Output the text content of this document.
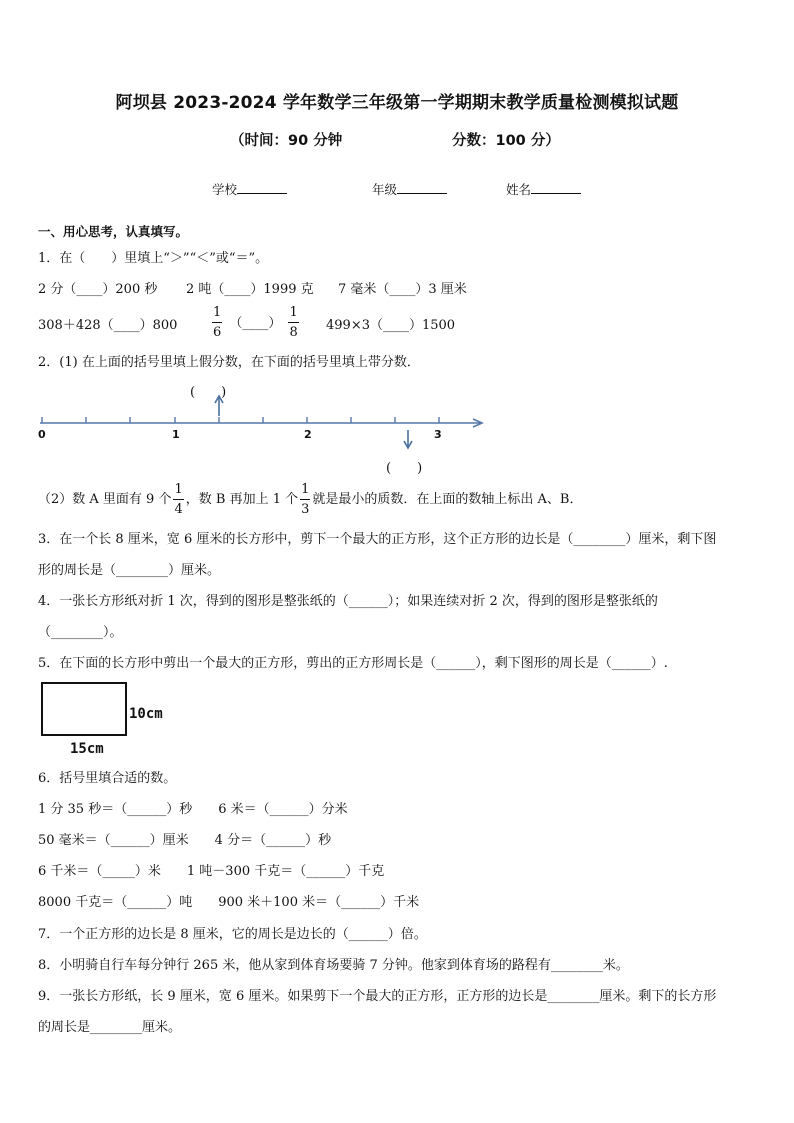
阿坝县 2023-2024 学年数学三年级第一学期期末教学质量检测模拟试题
（时间：90 分钟	分数：100 分）
学校	年级	姓名
一、用心思考，认真填写。
1．在（　　）里填上“＞”“＜”或“＝”。
2 分（____）200 秒 2 吨（____）1999 克 7 毫米（____）3 厘米
308＋428（____）800	$\frac{1}{6}$ （____） $\frac{1}{8}$ 499×3（____）1500
2．(1) 在上面的括号里填上假分数，在下面的括号里填上带分数．
(　　)
0	1	2	3
(　　)
（2）数 A 里面有 9 个 $\frac{1}{4}$ ，数 B 再加上 1 个 $\frac{1}{3}$ 就是最小的质数．在上面的数轴上标出 A、B．
3．在一个长 8 厘米，宽 6 厘米的长方形中，剪下一个最大的正方形，这个正方形的边长是（________）厘米，剩下图
形的周长是（________）厘米。
4．一张长方形纸对折 1 次，得到的图形是整张纸的（______）；如果连续对折 2 次，得到的图形是整张纸的
（________）。
5．在下面的长方形中剪出一个最大的正方形，剪出的正方形周长是（______），剩下图形的周长是（______）.
10cm
15cm
6．括号里填合适的数。
1 分 35 秒＝（______）秒　　6 米＝（______）分米
50 毫米＝（______）厘米　　4 分＝（______）秒
6 千米＝（_____）米　　1 吨－300 千克＝（______）千克
8000 千克＝（______）吨　　900 米＋100 米＝（______）千米
7．一个正方形的边长是 8 厘米，它的周长是边长的（______）倍。
8．小明骑自行车每分钟行 265 米，他从家到体育场要骑 7 分钟。他家到体育场的路程有________米。
9．一张长方形纸，长 9 厘米，宽 6 厘米。如果剪下一个最大的正方形，正方形的边长是________厘米。剩下的长方形
的周长是________厘米。
